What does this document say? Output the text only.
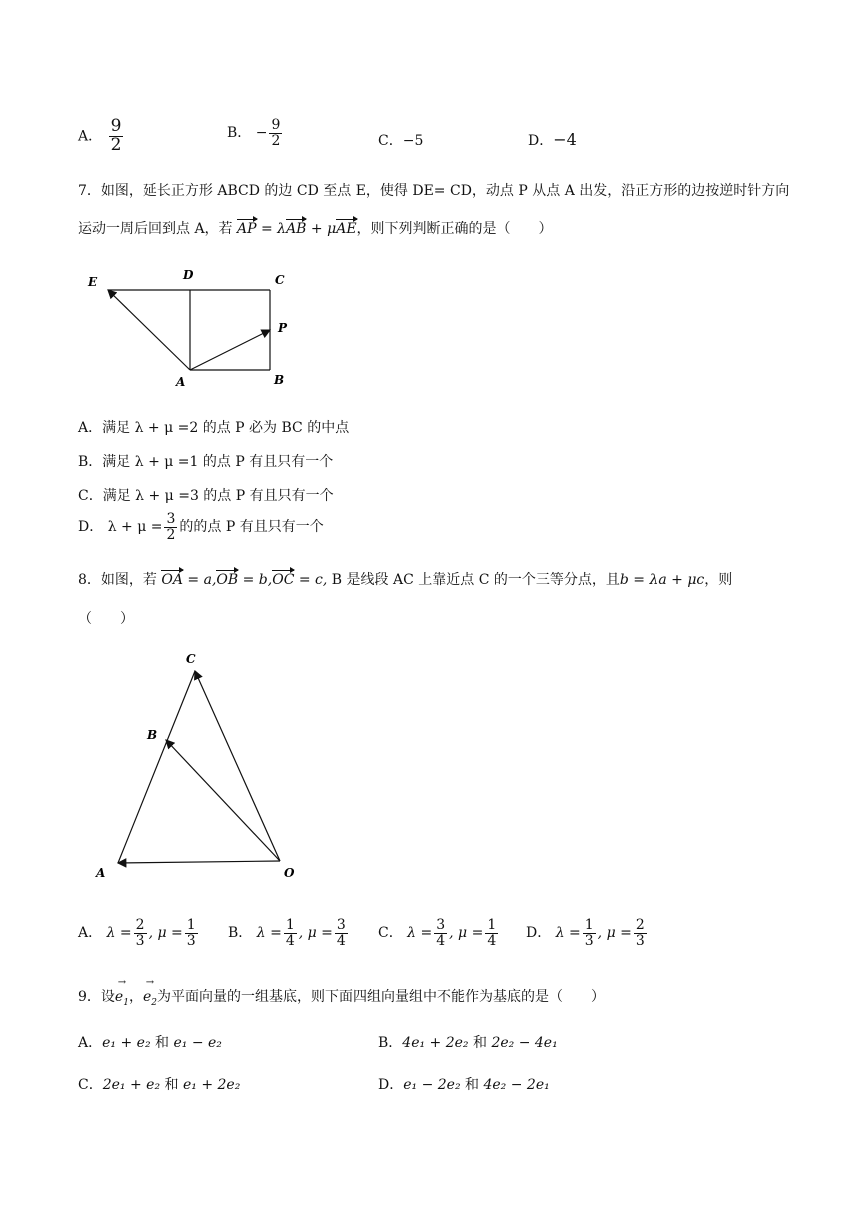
A． $\frac{9}{2}$	B． − $\frac{9}{2}$	C．−5	D．−4
7．如图，延长正方形 ABCD 的边 CD 至点 E，使得 DE= CD，动点 P 从点 A 出发，沿正方形的边按逆时针方向
运动一周后回到点 A，若 AP = λAB + μAE，则下列判断正确的是（　　）
E	D	C
P
A	B
A．满足 λ + μ =2 的点 P 必为 BC 的中点
B．满足 λ + μ =1 的点 P 有且只有一个
C．满足 λ + μ =3 的点 P 有且只有一个
D． $\lambda + \mu = \frac{3}{2}$ 的的点 P 有且只有一个
8．如图，若 OA = a,OB = b,OC = c, B 是线段 AC 上靠近点 C 的一个三等分点，且b = λa + μc，则
（　　）
C
B
A	O
A． $\lambda = \frac{2}{3}$ , $\mu = \frac{1}{3}$ B． $\lambda = \frac{1}{4}$ , $\mu = \frac{3}{4}$ C． $\lambda = \frac{3}{4}$ , $\mu = \frac{1}{4}$ D． $\lambda = \frac{1}{3}$ , $\mu = \frac{2}{3}$
9．设$e_1$ →，$e_2$ →为平面向量的一组基底，则下面四组向量组中不能作为基底的是（　　）
A．e₁ + e₂ 和 e₁ − e₂	B．4e₁ + 2e₂ 和 2e₂ − 4e₁
C．2e₁ + e₂ 和 e₁ + 2e₂	D．e₁ − 2e₂ 和 4e₂ − 2e₁
